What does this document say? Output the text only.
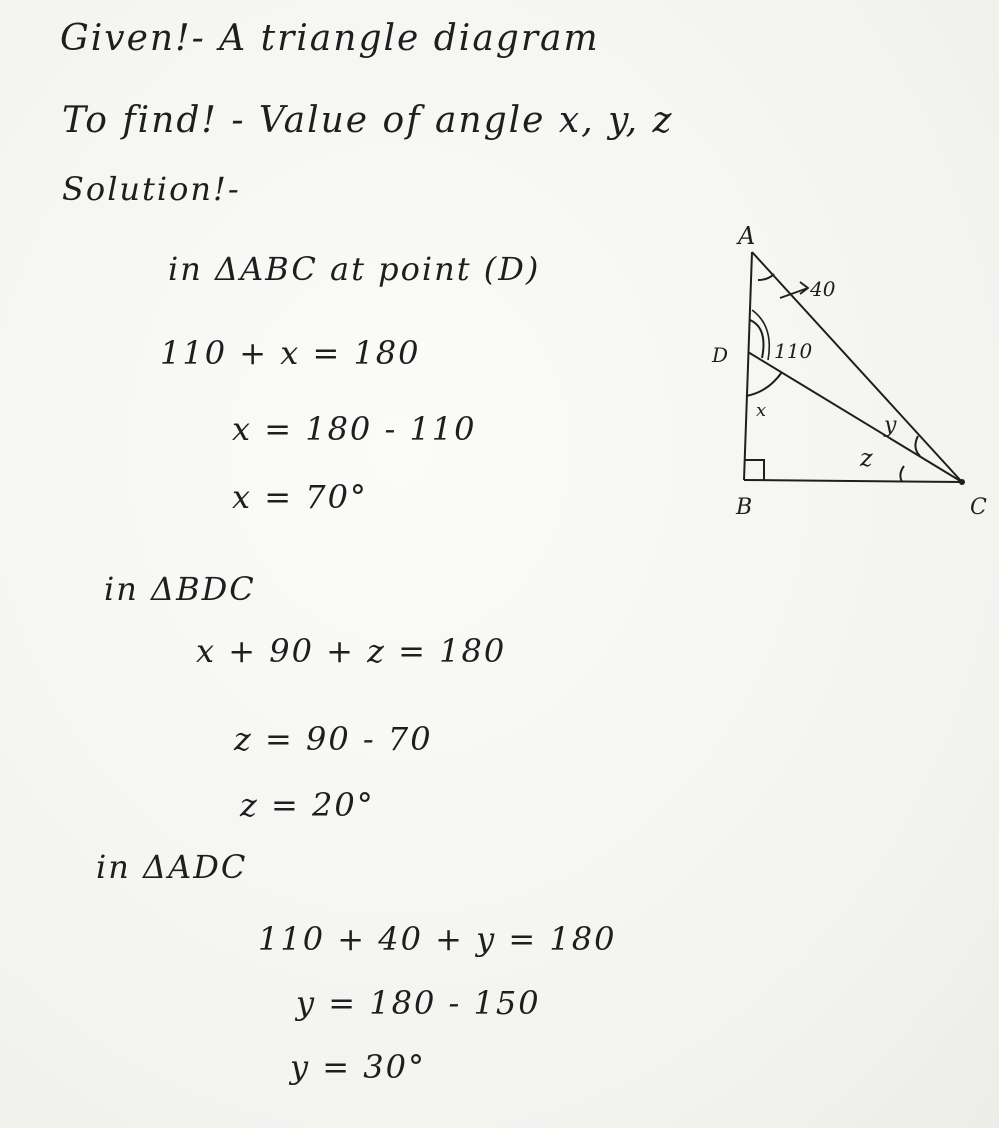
Given!- A triangle diagram
To find! - Value of angle x, y, z
Solution!-
in ΔABC at point (D)
110 + x = 180
x = 180 - 110
x = 70°
in ΔBDC
x + 90 + z = 180
z = 90 - 70
z = 20°
in ΔADC
110 + 40 + y = 180
y = 180 - 150
y = 30°
A
B	C
D
40
110
x
y
z
